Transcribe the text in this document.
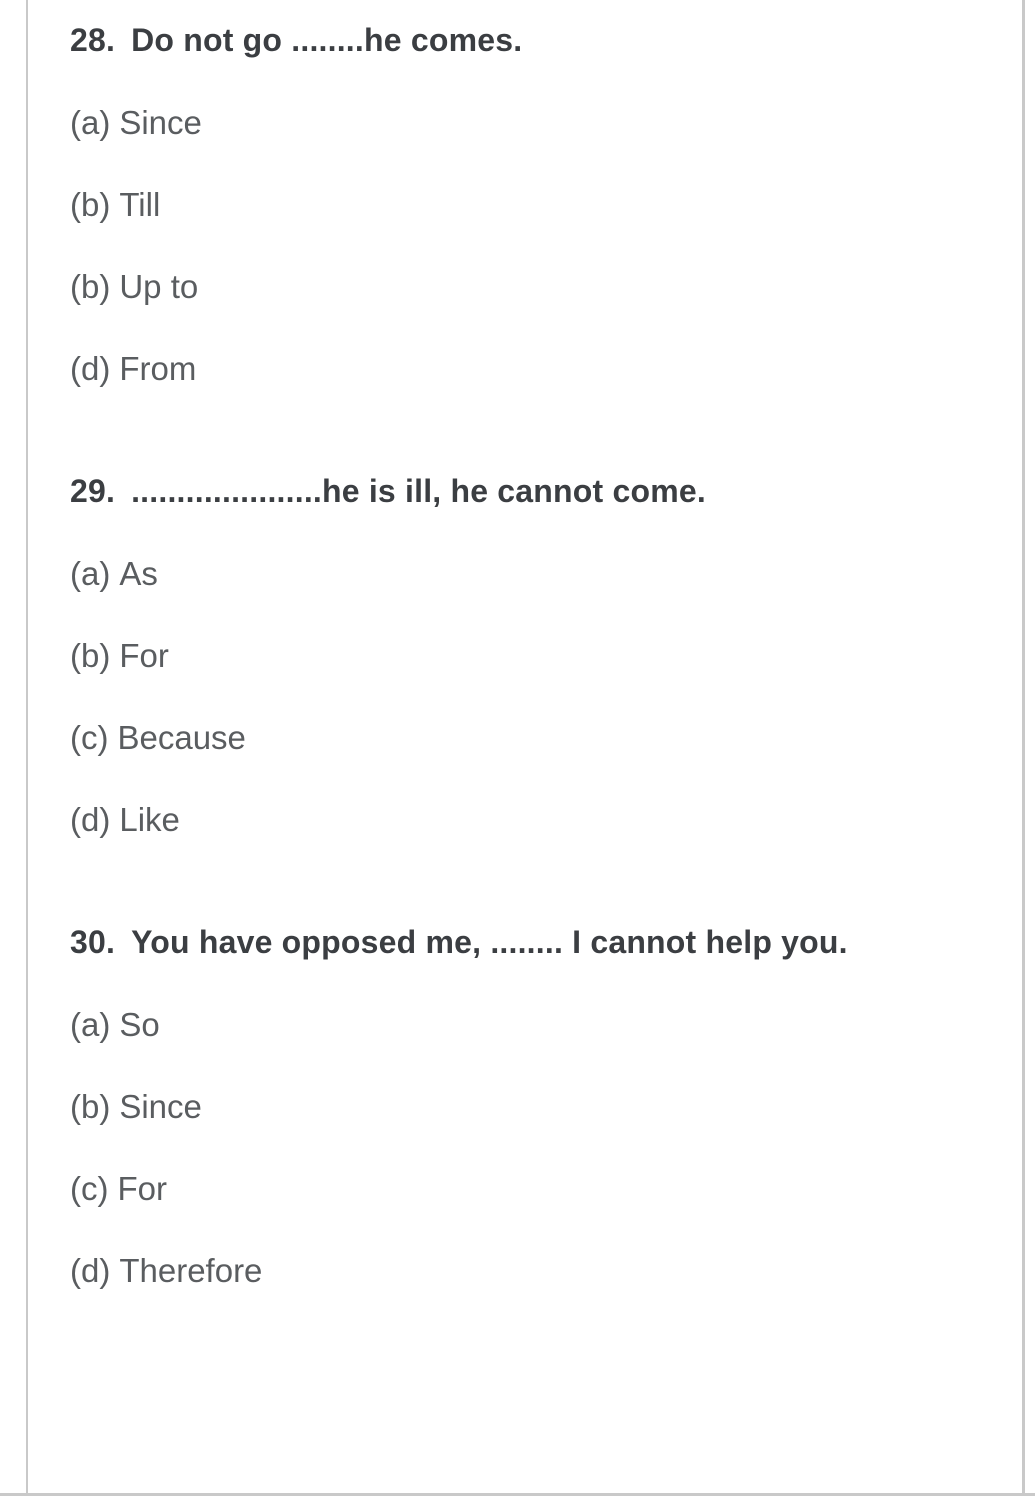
28. Do not go ........he comes.
(a) Since
(b) Till
(b) Up to
(d) From
29. .....................he is ill, he cannot come.
(a) As
(b) For
(c) Because
(d) Like
30. You have opposed me, ........ I cannot help you.
(a) So
(b) Since
(c) For
(d) Therefore
